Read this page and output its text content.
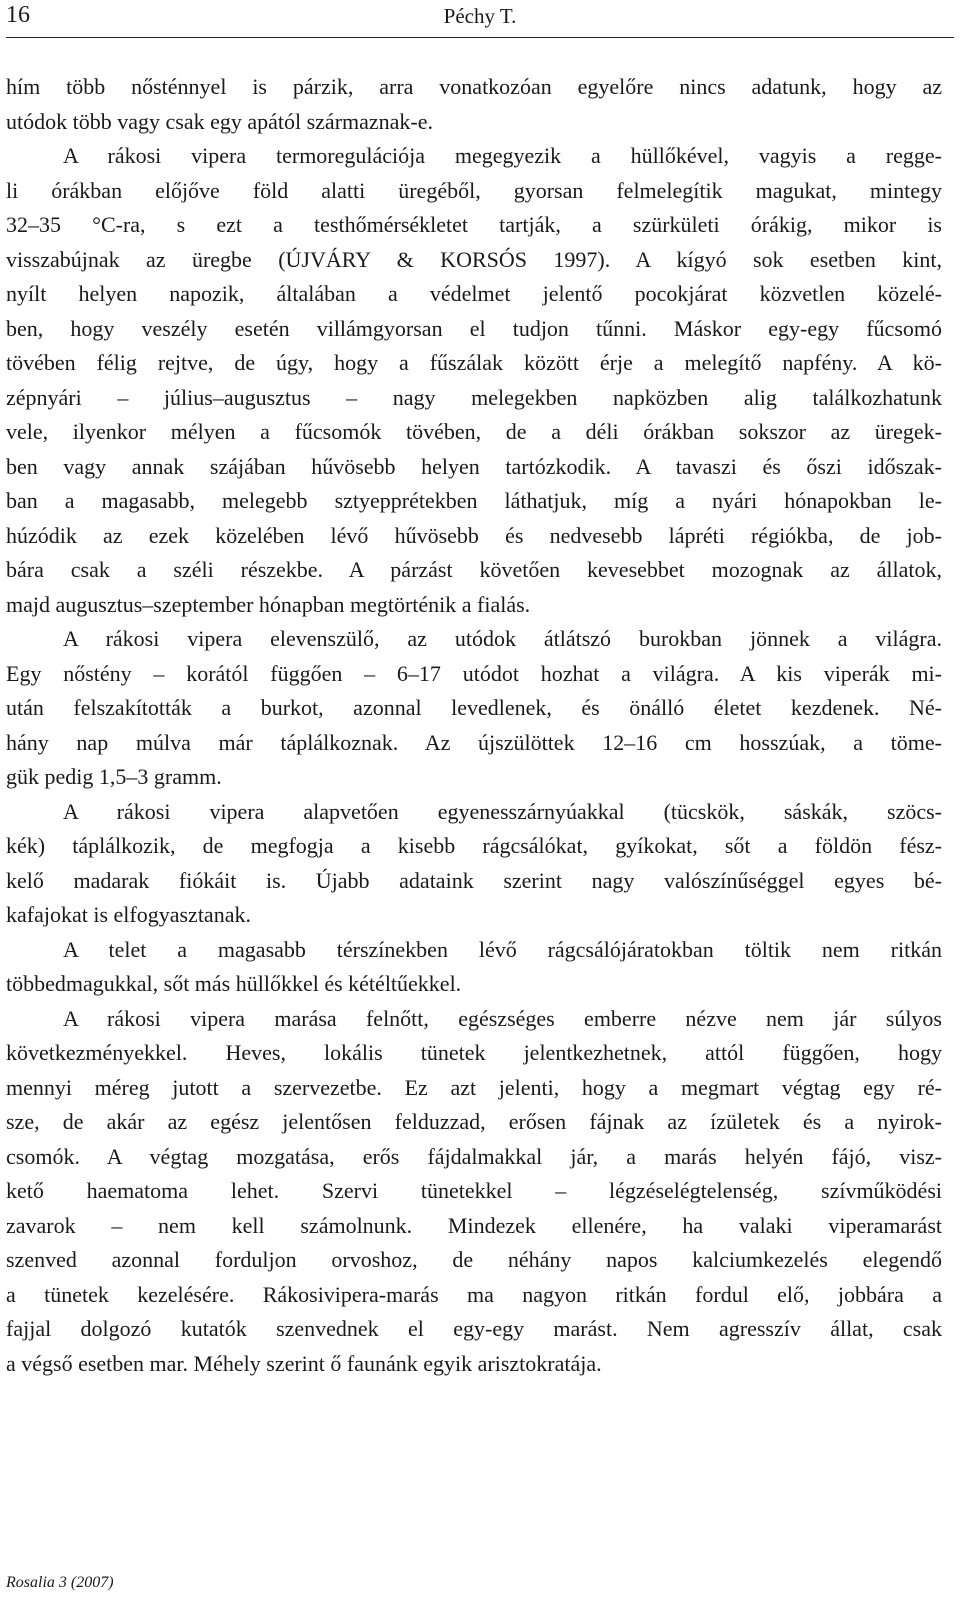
16	Péchy T.
hím több nősténnyel is párzik, arra vonatkozóan egyelőre nincs adatunk, hogy az
utódok több vagy csak egy apától származnak-e.
A rákosi vipera termoregulációja megegyezik a hüllőkével, vagyis a regge-
li órákban előjőve föld alatti üregéből, gyorsan felmelegítik magukat, mintegy
32–35 °C-ra, s ezt a testhőmérsékletet tartják, a szürkületi órákig, mikor is
visszabújnak az üregbe (ÚJVÁRY & KORSÓS 1997). A kígyó sok esetben kint,
nyílt helyen napozik, általában a védelmet jelentő pocokjárat közvetlen közelé-
ben, hogy veszély esetén villámgyorsan el tudjon tűnni. Máskor egy-egy fűcsomó
tövében félig rejtve, de úgy, hogy a fűszálak között érje a melegítő napfény. A kö-
zépnyári – július–augusztus – nagy melegekben napközben alig találkozhatunk
vele, ilyenkor mélyen a fűcsomók tövében, de a déli órákban sokszor az üregek-
ben vagy annak szájában hűvösebb helyen tartózkodik. A tavaszi és őszi időszak-
ban a magasabb, melegebb sztyepprétekben láthatjuk, míg a nyári hónapokban le-
húzódik az ezek közelében lévő hűvösebb és nedvesebb lápréti régiókba, de job-
bára csak a széli részekbe. A párzást követően kevesebbet mozognak az állatok,
majd augusztus–szeptember hónapban megtörténik a fialás.
A rákosi vipera elevenszülő, az utódok átlátszó burokban jönnek a világra.
Egy nőstény – korától függően – 6–17 utódot hozhat a világra. A kis viperák mi-
után felszakították a burkot, azonnal levedlenek, és önálló életet kezdenek. Né-
hány nap múlva már táplálkoznak. Az újszülöttek 12–16 cm hosszúak, a töme-
gük pedig 1,5–3 gramm.
A rákosi vipera alapvetően egyenesszárnyúakkal (tücskök, sáskák, szöcs-
kék) táplálkozik, de megfogja a kisebb rágcsálókat, gyíkokat, sőt a földön fész-
kelő madarak fiókáit is. Újabb adataink szerint nagy valószínűséggel egyes bé-
kafajokat is elfogyasztanak.
A telet a magasabb térszínekben lévő rágcsálójáratokban töltik nem ritkán
többedmagukkal, sőt más hüllőkkel és kétéltűekkel.
A rákosi vipera marása felnőtt, egészséges emberre nézve nem jár súlyos
következményekkel. Heves, lokális tünetek jelentkezhetnek, attól függően, hogy
mennyi méreg jutott a szervezetbe. Ez azt jelenti, hogy a megmart végtag egy ré-
sze, de akár az egész jelentősen felduzzad, erősen fájnak az ízületek és a nyirok-
csomók. A végtag mozgatása, erős fájdalmakkal jár, a marás helyén fájó, visz-
kető haematoma lehet. Szervi tünetekkel – légzéselégtelenség, szívműködési
zavarok – nem kell számolnunk. Mindezek ellenére, ha valaki viperamarást
szenved azonnal forduljon orvoshoz, de néhány napos kalciumkezelés elegendő
a tünetek kezelésére. Rákosivipera-marás ma nagyon ritkán fordul elő, jobbára a
fajjal dolgozó kutatók szenvednek el egy-egy marást. Nem agresszív állat, csak
a végső esetben mar. Méhely szerint ő faunánk egyik arisztokratája.
Rosalia 3 (2007)
